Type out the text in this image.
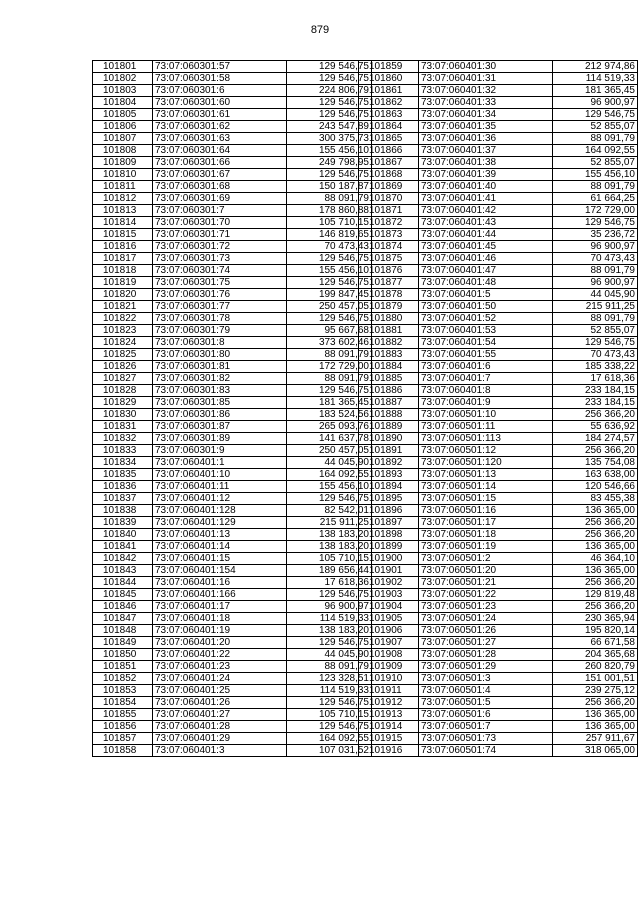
879
101801	73:07:060301:57	129 546,75
101802	73:07:060301:58	129 546,75
101803	73:07:060301:6	224 806,79
101804	73:07:060301:60	129 546,75
101805	73:07:060301:61	129 546,75
101806	73:07:060301:62	243 547,89
101807	73:07:060301:63	300 375,73
101808	73:07:060301:64	155 456,10
101809	73:07:060301:66	249 798,95
101810	73:07:060301:67	129 546,75
101811	73:07:060301:68	150 187,87
101812	73:07:060301:69	88 091,79
101813	73:07:060301:7	178 860,88
101814	73:07:060301:70	105 710,15
101815	73:07:060301:71	146 819,65
101816	73:07:060301:72	70 473,43
101817	73:07:060301:73	129 546,75
101818	73:07:060301:74	155 456,10
101819	73:07:060301:75	129 546,75
101820	73:07:060301:76	199 847,45
101821	73:07:060301:77	250 457,05
101822	73:07:060301:78	129 546,75
101823	73:07:060301:79	95 667,68
101824	73:07:060301:8	373 602,46
101825	73:07:060301:80	88 091,79
101826	73:07:060301:81	172 729,00
101827	73:07:060301:82	88 091,79
101828	73:07:060301:83	129 546,75
101829	73:07:060301:85	181 365,45
101830	73:07:060301:86	183 524,56
101831	73:07:060301:87	265 093,76
101832	73:07:060301:89	141 637,78
101833	73:07:060301:9	250 457,05
101834	73:07:060401:1	44 045,90
101835	73:07:060401:10	164 092,55
101836	73:07:060401:11	155 456,10
101837	73:07:060401:12	129 546,75
101838	73:07:060401:128	82 542,01
101839	73:07:060401:129	215 911,25
101840	73:07:060401:13	138 183,20
101841	73:07:060401:14	138 183,20
101842	73:07:060401:15	105 710,15
101843	73:07:060401:154	189 656,44
101844	73:07:060401:16	17 618,36
101845	73:07:060401:166	129 546,75
101846	73:07:060401:17	96 900,97
101847	73:07:060401:18	114 519,33
101848	73:07:060401:19	138 183,20
101849	73:07:060401:20	129 546,75
101850	73:07:060401:22	44 045,90
101851	73:07:060401:23	88 091,79
101852	73:07:060401:24	123 328,51
101853	73:07:060401:25	114 519,33
101854	73:07:060401:26	129 546,75
101855	73:07:060401:27	105 710,15
101856	73:07:060401:28	129 546,75
101857	73:07:060401:29	164 092,55
101858	73:07:060401:3	107 031,52
101859	73:07:060401:30	212 974,86
101860	73:07:060401:31	114 519,33
101861	73:07:060401:32	181 365,45
101862	73:07:060401:33	96 900,97
101863	73:07:060401:34	129 546,75
101864	73:07:060401:35	52 855,07
101865	73:07:060401:36	88 091,79
101866	73:07:060401:37	164 092,55
101867	73:07:060401:38	52 855,07
101868	73:07:060401:39	155 456,10
101869	73:07:060401:40	88 091,79
101870	73:07:060401:41	61 664,25
101871	73:07:060401:42	172 729,00
101872	73:07:060401:43	129 546,75
101873	73:07:060401:44	35 236,72
101874	73:07:060401:45	96 900,97
101875	73:07:060401:46	70 473,43
101876	73:07:060401:47	88 091,79
101877	73:07:060401:48	96 900,97
101878	73:07:060401:5	44 045,90
101879	73:07:060401:50	215 911,25
101880	73:07:060401:52	88 091,79
101881	73:07:060401:53	52 855,07
101882	73:07:060401:54	129 546,75
101883	73:07:060401:55	70 473,43
101884	73:07:060401:6	185 338,22
101885	73:07:060401:7	17 618,36
101886	73:07:060401:8	233 184,15
101887	73:07:060401:9	233 184,15
101888	73:07:060501:10	256 366,20
101889	73:07:060501:11	55 636,92
101890	73:07:060501:113	184 274,57
101891	73:07:060501:12	256 366,20
101892	73:07:060501:120	135 754,08
101893	73:07:060501:13	163 638,00
101894	73:07:060501:14	120 546,66
101895	73:07:060501:15	83 455,38
101896	73:07:060501:16	136 365,00
101897	73:07:060501:17	256 366,20
101898	73:07:060501:18	256 366,20
101899	73:07:060501:19	136 365,00
101900	73:07:060501:2	46 364,10
101901	73:07:060501:20	136 365,00
101902	73:07:060501:21	256 366,20
101903	73:07:060501:22	129 819,48
101904	73:07:060501:23	256 366,20
101905	73:07:060501:24	230 365,94
101906	73:07:060501:26	195 820,14
101907	73:07:060501:27	66 671,58
101908	73:07:060501:28	204 365,68
101909	73:07:060501:29	260 820,79
101910	73:07:060501:3	151 001,51
101911	73:07:060501:4	239 275,12
101912	73:07:060501:5	256 366,20
101913	73:07:060501:6	136 365,00
101914	73:07:060501:7	136 365,00
101915	73:07:060501:73	257 911,67
101916	73:07:060501:74	318 065,00
